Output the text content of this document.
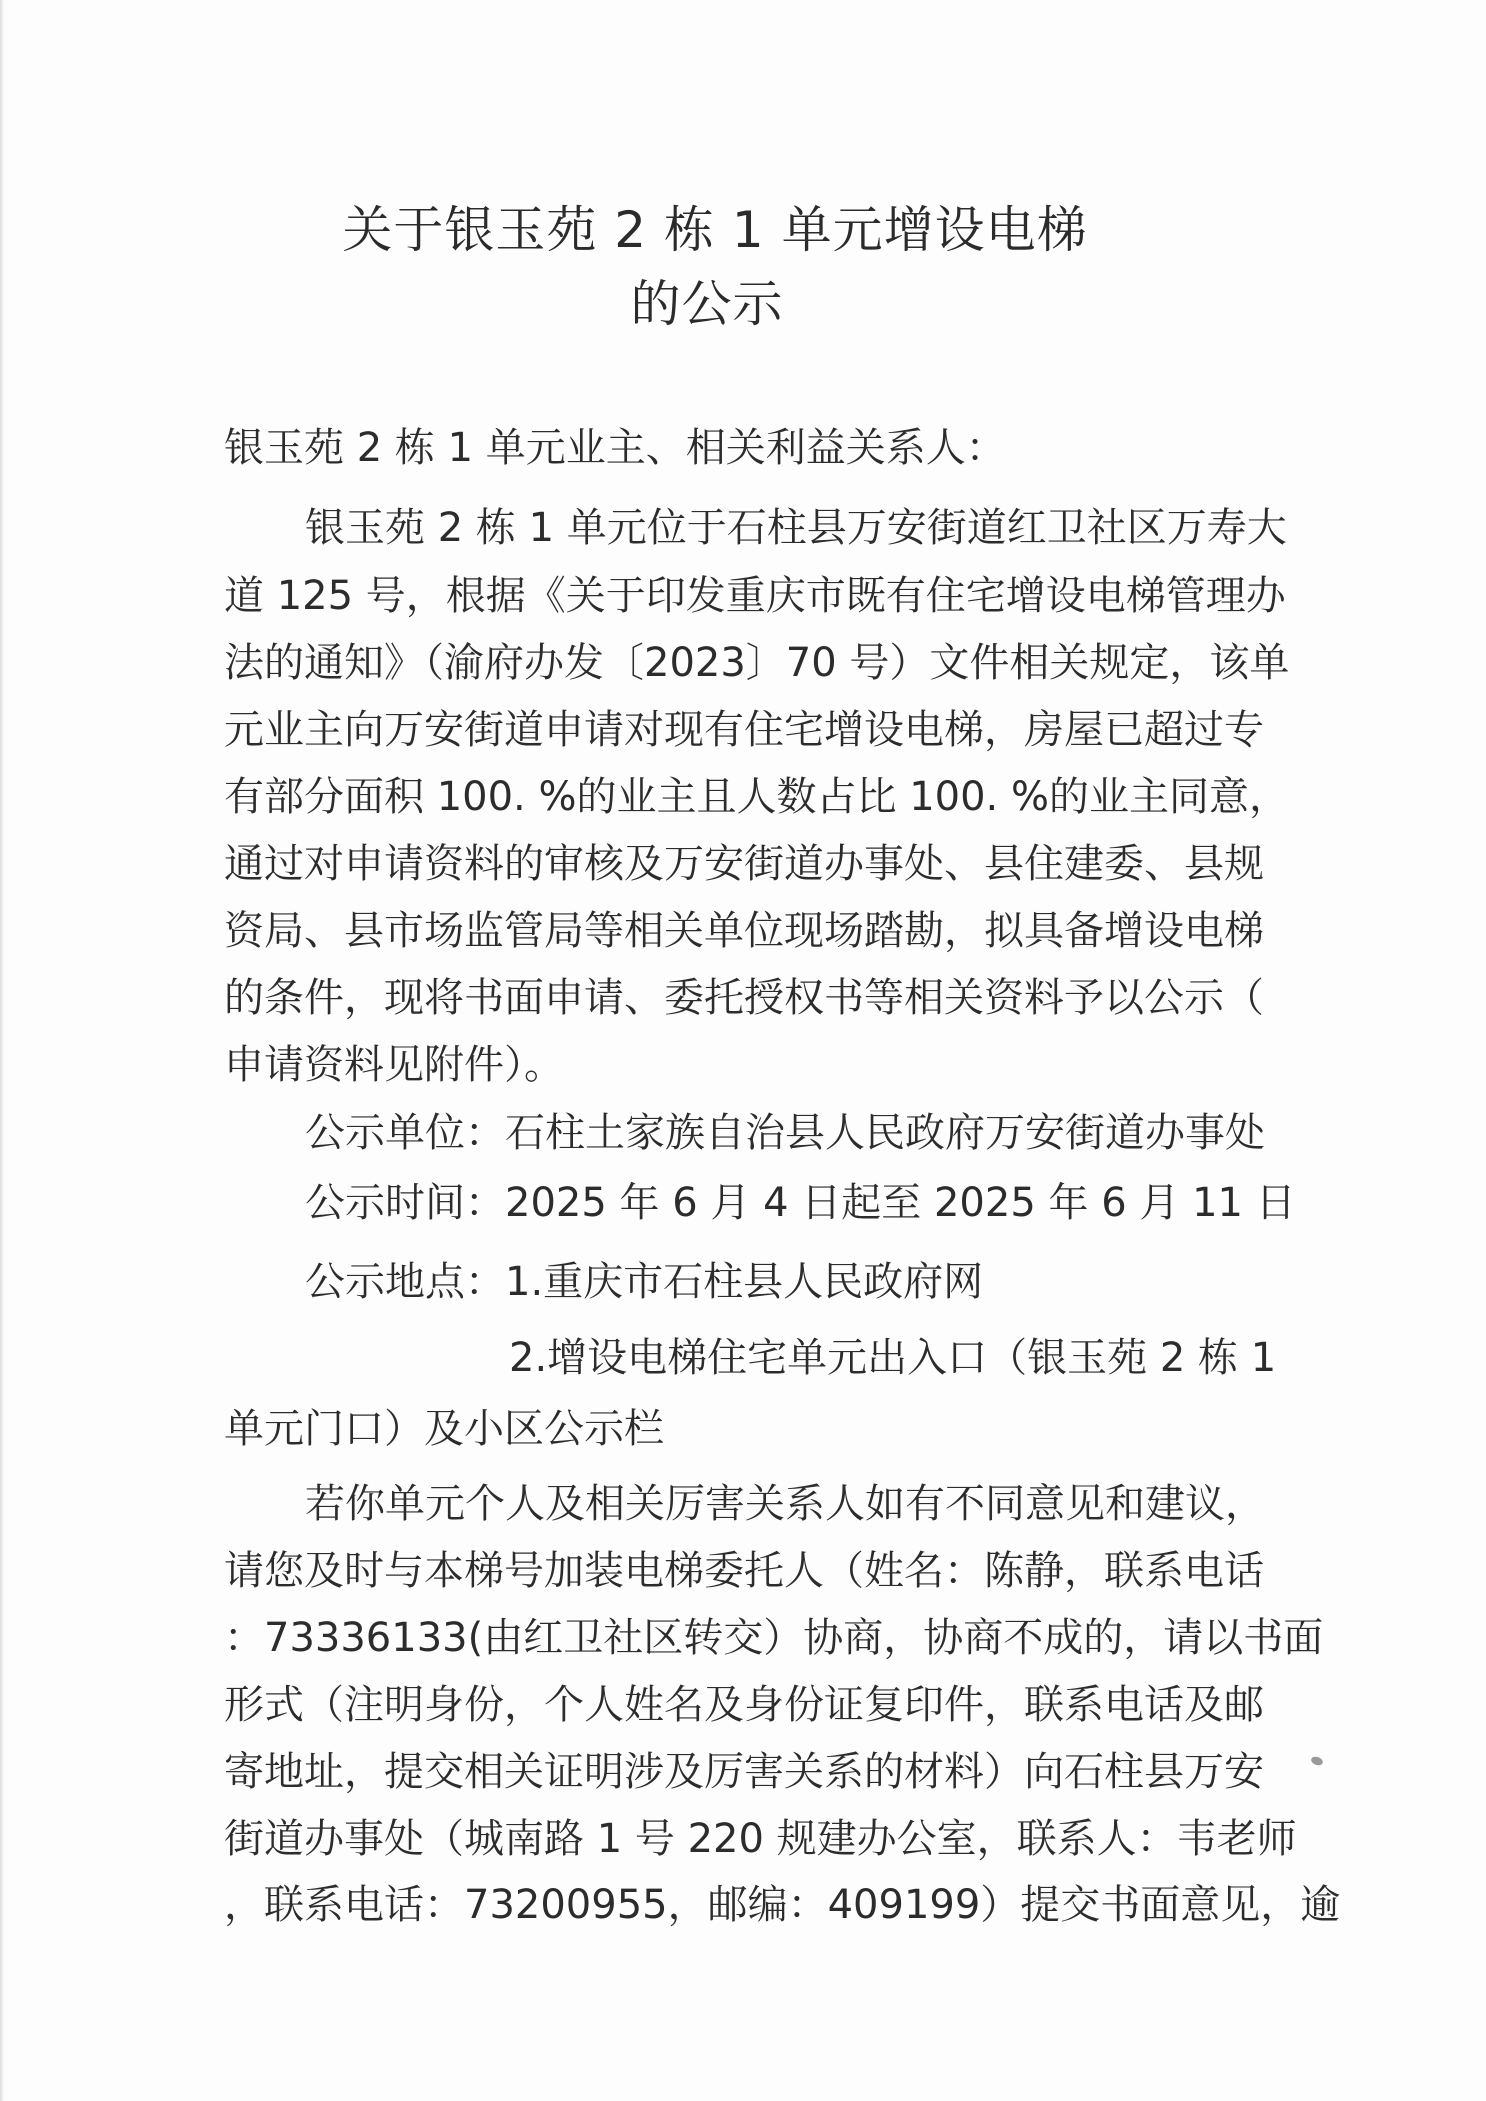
关于银玉苑 2 栋 1 单元增设电梯
的公示
银玉苑 2 栋 1 单元业主、相关利益关系人：
银玉苑 2 栋 1 单元位于石柱县万安街道红卫社区万寿大
道 125 号，根据《关于印发重庆市既有住宅增设电梯管理办
法的通知》（渝府办发〔2023〕70 号）文件相关规定，该单
元业主向万安街道申请对现有住宅增设电梯，房屋已超过专
有部分面积 100. %的业主且人数占比 100. %的业主同意，
通过对申请资料的审核及万安街道办事处、县住建委、县规
资局、县市场监管局等相关单位现场踏勘，拟具备增设电梯
的条件，现将书面申请、委托授权书等相关资料予以公示（
申请资料见附件）。
公示单位：石柱土家族自治县人民政府万安街道办事处
公示时间：2025 年 6 月 4 日起至 2025 年 6 月 11 日
公示地点：1.重庆市石柱县人民政府网
2.增设电梯住宅单元出入口（银玉苑 2 栋 1
单元门口）及小区公示栏
若你单元个人及相关厉害关系人如有不同意见和建议，
请您及时与本梯号加装电梯委托人（姓名：陈静，联系电话
：73336133(由红卫社区转交）协商，协商不成的，请以书面
形式（注明身份，个人姓名及身份证复印件，联系电话及邮
寄地址，提交相关证明涉及厉害关系的材料）向石柱县万安
街道办事处（城南路 1 号 220 规建办公室，联系人：韦老师
，联系电话：73200955，邮编：409199）提交书面意见，逾
